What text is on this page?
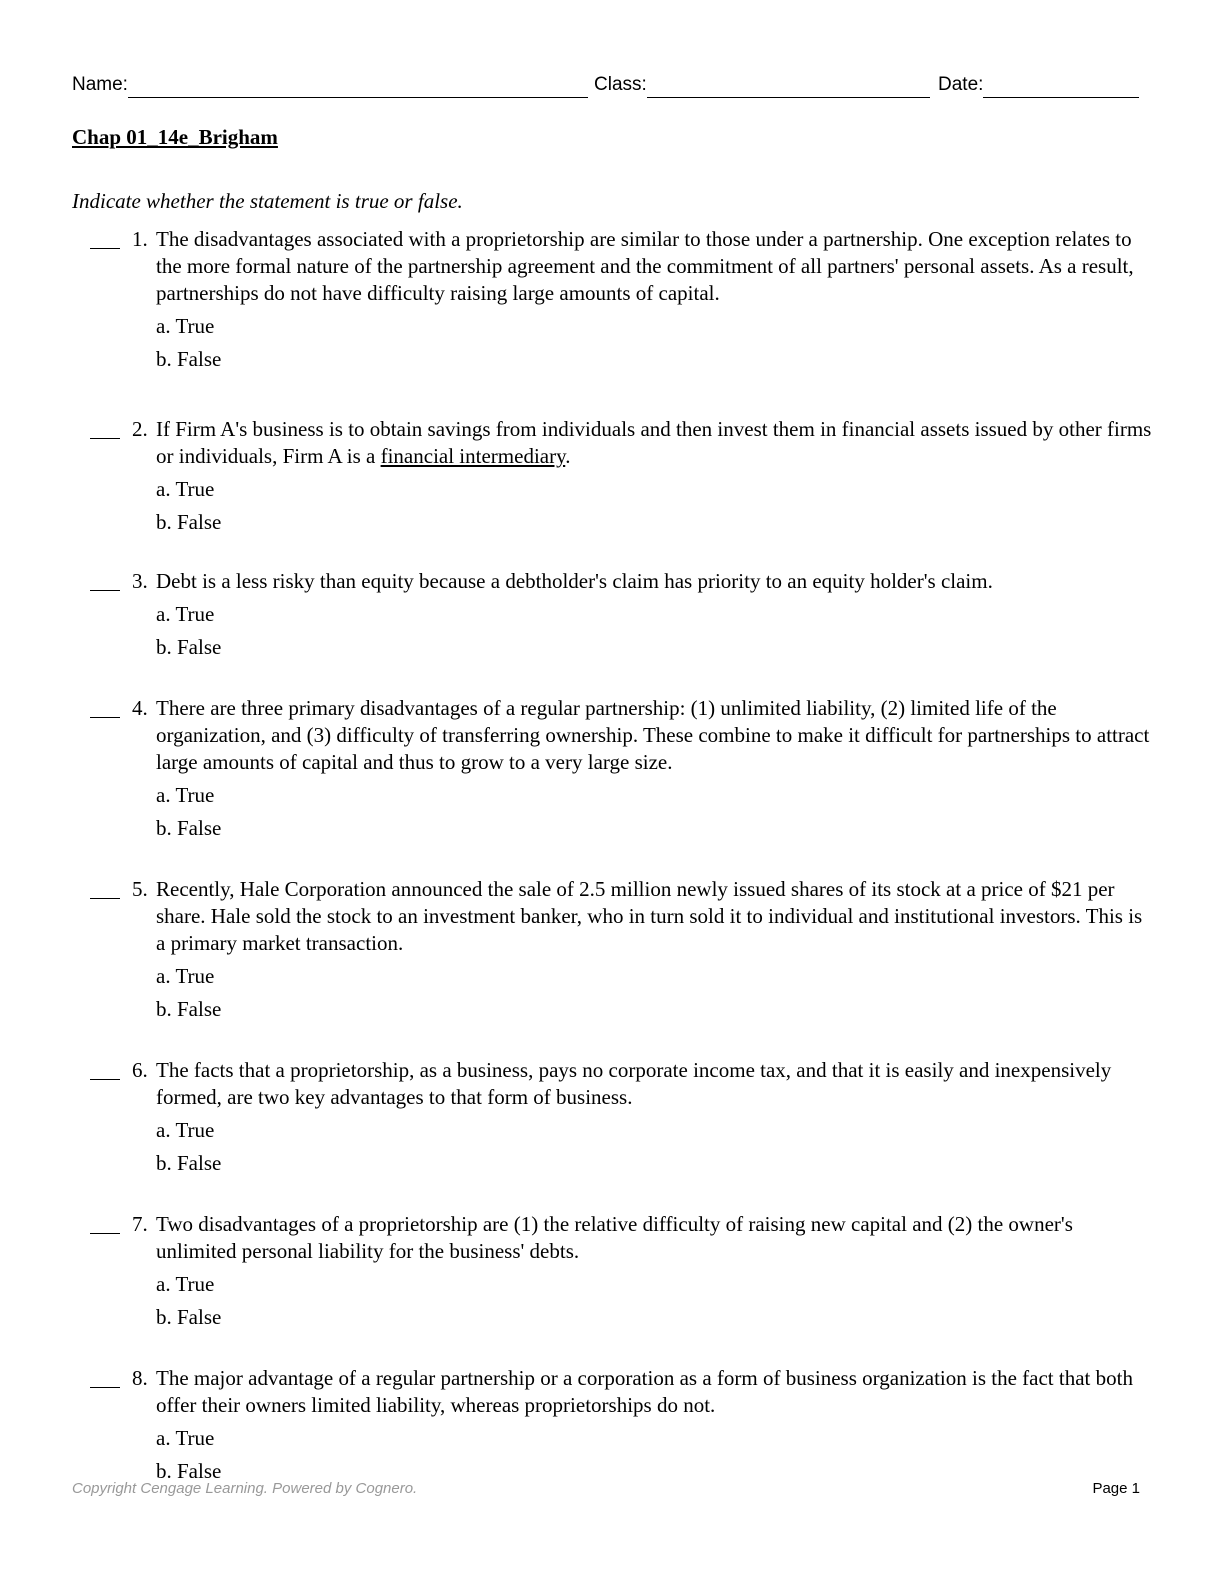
Name:	Class:	Date:
Chap 01_14e_Brigham
Indicate whether the statement is true or false.
1. The disadvantages associated with a proprietorship are similar to those under a partnership. One exception relates to the more formal nature of the partnership agreement and the commitment of all partners' personal assets. As a result, partnerships do not have difficulty raising large amounts of capital.
a. True
b. False
2. If Firm A's business is to obtain savings from individuals and then invest them in financial assets issued by other firms or individuals, Firm A is a financial intermediary.
a. True
b. False
3. Debt is a less risky than equity because a debtholder's claim has priority to an equity holder's claim.
a. True
b. False
4. There are three primary disadvantages of a regular partnership: (1) unlimited liability, (2) limited life of the organization, and (3) difficulty of transferring ownership. These combine to make it difficult for partnerships to attract large amounts of capital and thus to grow to a very large size.
a. True
b. False
5. Recently, Hale Corporation announced the sale of 2.5 million newly issued shares of its stock at a price of $21 per share. Hale sold the stock to an investment banker, who in turn sold it to individual and institutional investors. This is a primary market transaction.
a. True
b. False
6. The facts that a proprietorship, as a business, pays no corporate income tax, and that it is easily and inexpensively formed, are two key advantages to that form of business.
a. True
b. False
7. Two disadvantages of a proprietorship are (1) the relative difficulty of raising new capital and (2) the owner's unlimited personal liability for the business' debts.
a. True
b. False
8. The major advantage of a regular partnership or a corporation as a form of business organization is the fact that both offer their owners limited liability, whereas proprietorships do not.
a. True
b. False
Copyright Cengage Learning. Powered by Cognero.	Page 1
